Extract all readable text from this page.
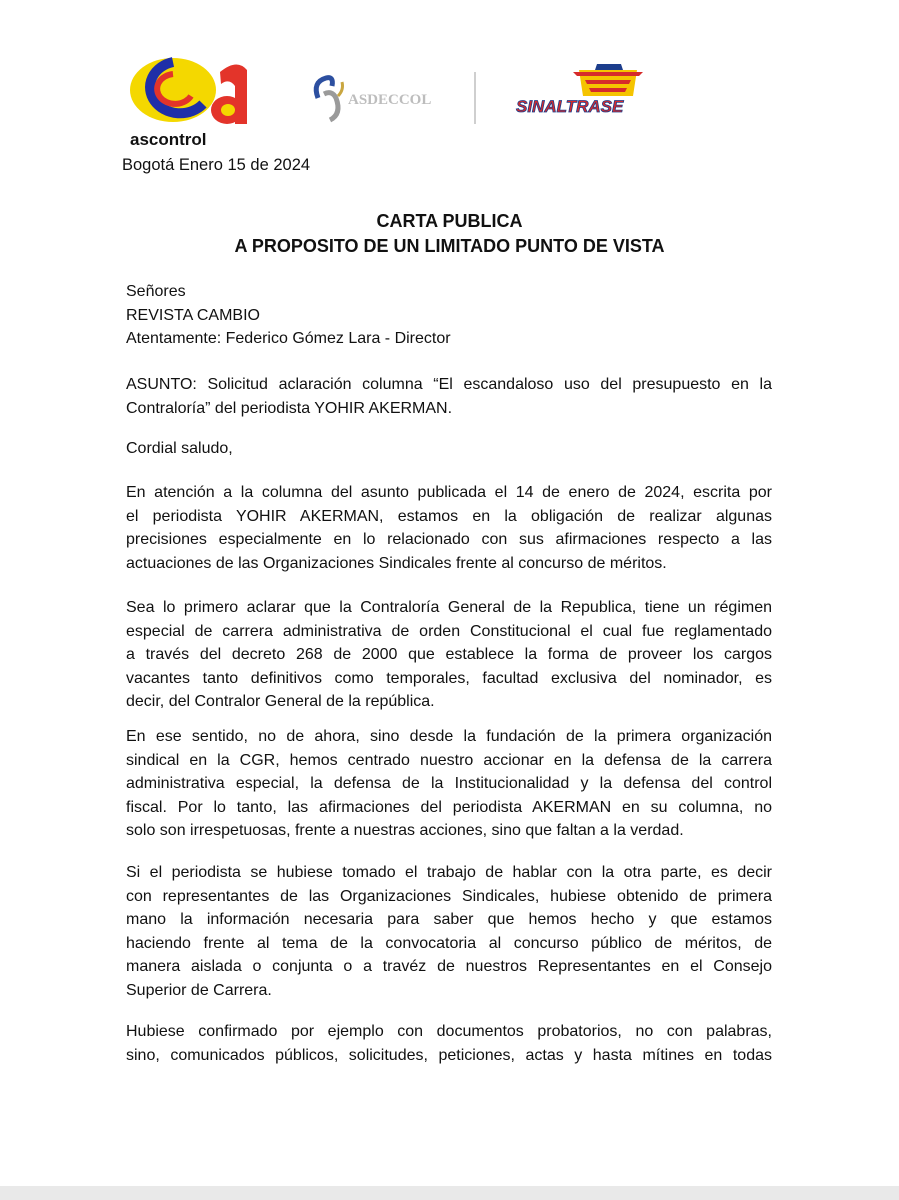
ascontrol
ASDECCOL	SINALTRASE
Bogotá Enero 15 de 2024
CARTA PUBLICA
A PROPOSITO DE UN LIMITADO PUNTO DE VISTA
Señores
REVISTA CAMBIO
Atentamente: Federico Gómez Lara - Director
ASUNTO: Solicitud aclaración columna “El escandaloso uso del presupuesto en la
Contraloría” del periodista YOHIR AKERMAN.
Cordial saludo,
En atención a la columna del asunto publicada el 14 de enero de 2024, escrita por
el periodista YOHIR AKERMAN, estamos en la obligación de realizar algunas
precisiones especialmente en lo relacionado con sus afirmaciones respecto a las
actuaciones de las Organizaciones Sindicales frente al concurso de méritos.
Sea lo primero aclarar que la Contraloría General de la Republica, tiene un régimen
especial de carrera administrativa de orden Constitucional el cual fue reglamentado
a través del decreto 268 de 2000 que establece la forma de proveer los cargos
vacantes tanto definitivos como temporales, facultad exclusiva del nominador, es
decir, del Contralor General de la república.
En ese sentido, no de ahora, sino desde la fundación de la primera organización
sindical en la CGR, hemos centrado nuestro accionar en la defensa de la carrera
administrativa especial, la defensa de la Institucionalidad y la defensa del control
fiscal. Por lo tanto, las afirmaciones del periodista AKERMAN en su columna, no
solo son irrespetuosas, frente a nuestras acciones, sino que faltan a la verdad.
Si el periodista se hubiese tomado el trabajo de hablar con la otra parte, es decir
con representantes de las Organizaciones Sindicales, hubiese obtenido de primera
mano la información necesaria para saber que hemos hecho y que estamos
haciendo frente al tema de la convocatoria al concurso público de méritos, de
manera aislada o conjunta o a travéz de nuestros Representantes en el Consejo
Superior de Carrera.
Hubiese confirmado por ejemplo con documentos probatorios, no con palabras,
sino, comunicados públicos, solicitudes, peticiones, actas y hasta mítines en todas
